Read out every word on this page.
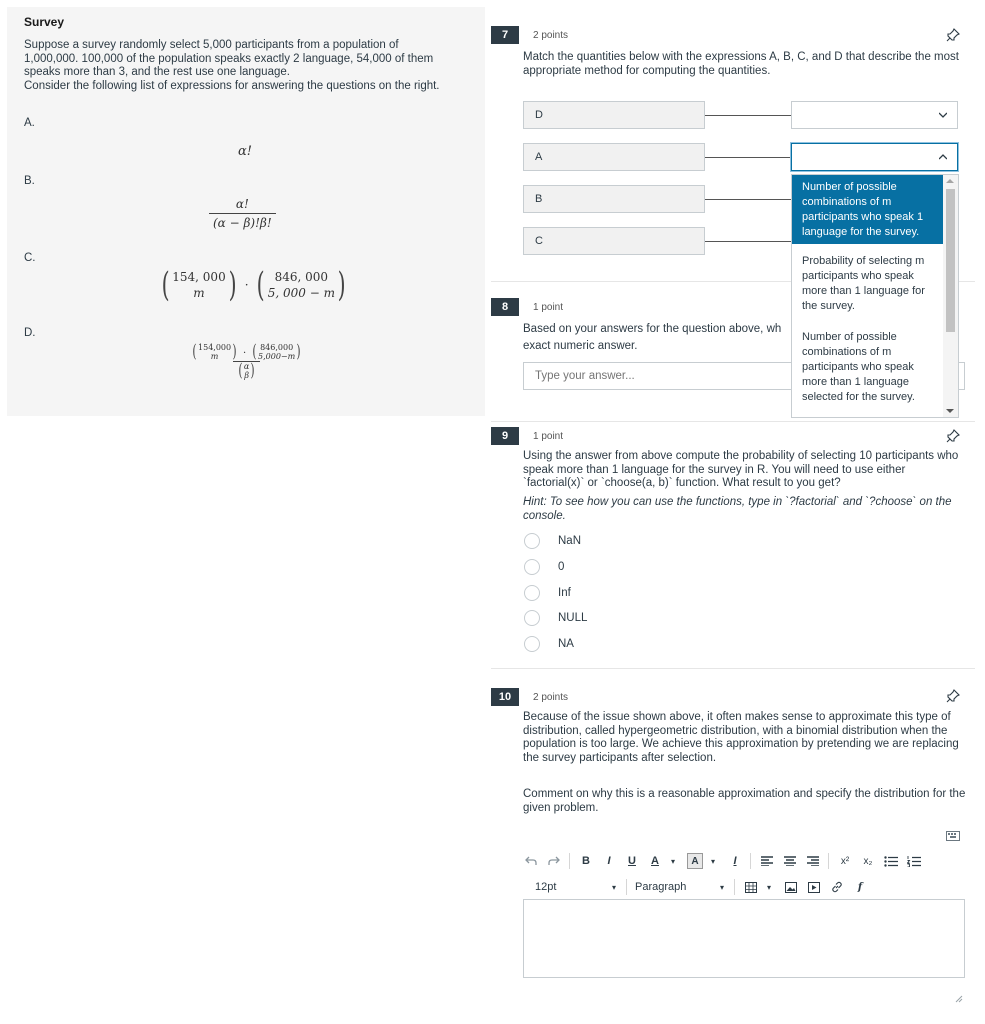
Survey
Suppose a survey randomly select 5,000 participants from a population of
1,000,000. 100,000 of the population speaks exactly 2 language, 54,000 of them
speaks more than 3, and the rest use one language.
Consider the following list of expressions for answering the questions on the right.
A.
α!
B.
$\frac{\alpha!}{(\alpha - \beta)!\beta!}$
C.
( 154, 000
m ) · ( 846, 000
5, 000 − m )
D.
( 154,000
m ) · ( 846,000
5,000−m )
( α
β )
7	2 points
Match the quantities below with the expressions A, B, C, and D that describe the most appropriate method for computing the quantities.
D
A
B
C
8	1 point
Based on your answers for the question above, wh
exact numeric answer.
Type your answer...
Number of possible combinations of m participants who speak 1 language for the survey.
Probability of selecting m participants who speak more than 1 language for the survey.
Number of possible combinations of m participants who speak more than 1 language selected for the survey.
9	1 point
Using the answer from above compute the probability of selecting 10 participants who speak more than 1 language for the survey in R. You will need to use either `factorial(x)` or `choose(a, b)` function. What result to you get?
Hint: To see how you can use the functions, type in `?factorial` and `?choose` on the console.
NaN
0
Inf
NULL
NA
10	2 points
Because of the issue shown above, it often makes sense to approximate this type of distribution, called hypergeometric distribution, with a binomial distribution when the population is too large. We achieve this approximation by pretending we are replacing the survey participants after selection.
Comment on why this is a reasonable approximation and specify the distribution for the given problem.
B	I	U	A	▾	A	▾	I	x²	x₂
12pt	▾	Paragraph	▾	▾	f
